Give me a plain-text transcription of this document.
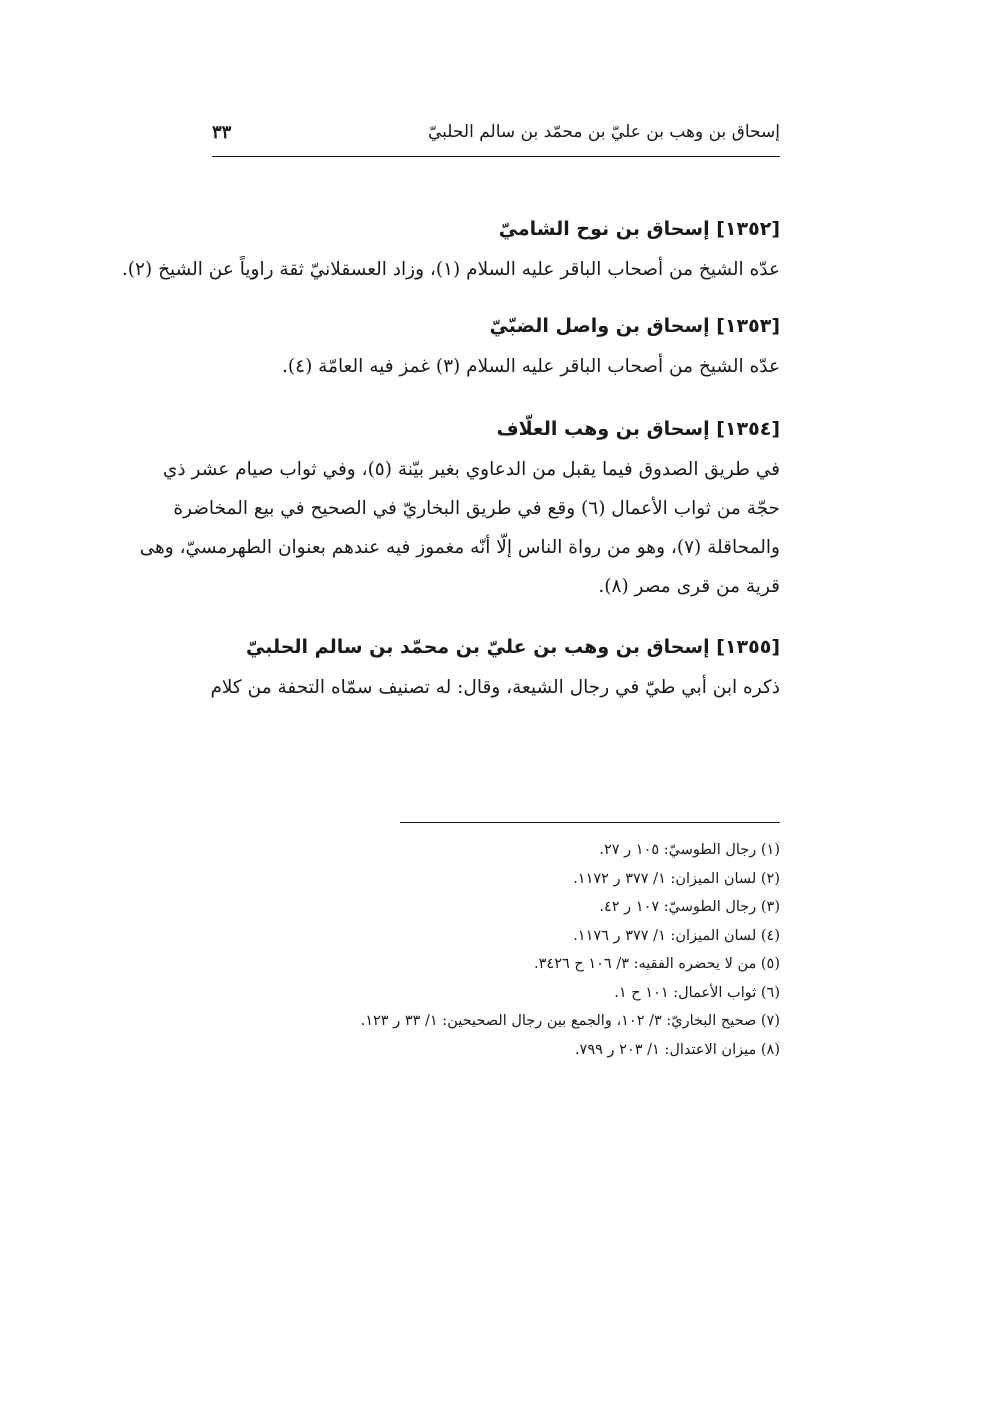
إسحاق بن وهب بن عليّ بن محمّد بن سالم الحلبيّ
٣٣
[١٣٥٢] إسحاق بن نوح الشاميّ
عدّه الشيخ من أصحاب الباقر عليه السلام (١)، وزاد العسقلانيّ ثقة راوياً عن الشيخ (٢).
[١٣٥٣] إسحاق بن واصل الضبّيّ
عدّه الشيخ من أصحاب الباقر عليه السلام (٣) غمز فيه العامّة (٤).
[١٣٥٤] إسحاق بن وهب العلّاف
في طريق الصدوق فيما يقبل من الدعاوي بغير بيّنة (٥)، وفي ثواب صيام عشر ذي
حجّة من ثواب الأعمال (٦) وقع في طريق البخاريّ في الصحيح في بيع المخاضرة
والمحاقلة (٧)، وهو من رواة الناس إلّا أنّه مغموز فيه عندهم بعنوان الطهرمسيّ، وهى
قرية من قرى مصر (٨).
[١٣٥٥] إسحاق بن وهب بن عليّ بن محمّد بن سالم الحلبيّ
ذكره ابن أبي طيّ في رجال الشيعة، وقال: له تصنيف سمّاه التحفة من كلام
(١) رجال الطوسيّ: ١٠٥ ر ٢٧.
(٢) لسان الميزان: ١/ ٣٧٧ ر ١١٧٢.
(٣) رجال الطوسيّ: ١٠٧ ر ٤٢.
(٤) لسان الميزان: ١/ ٣٧٧ ر ١١٧٦.
(٥) من لا يحضره الفقيه: ٣/ ١٠٦ ح ٣٤٢٦.
(٦) ثواب الأعمال: ١٠١ ح ١.
(٧) صحيح البخاريّ: ٣/ ١٠٢، والجمع بين رجال الصحيحين: ١/ ٣٣ ر ١٢٣.
(٨) ميزان الاعتدال: ١/ ٢٠٣ ر ٧٩٩.
